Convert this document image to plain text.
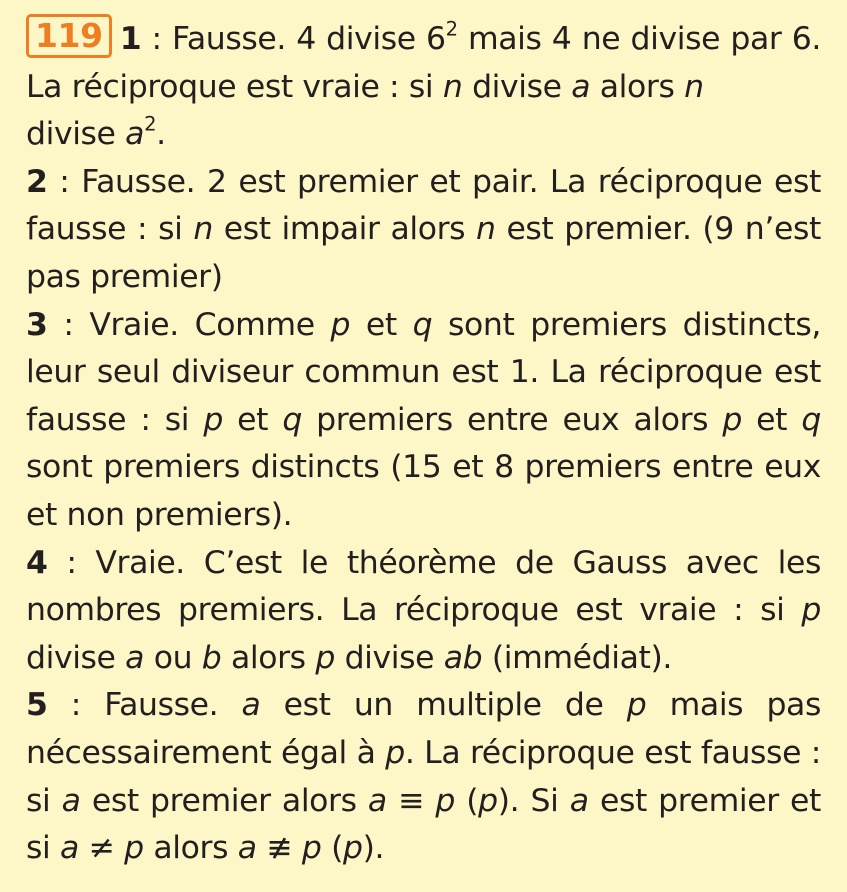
119 1 : Fausse. 4 divise $6^2$ mais 4 ne divise par 6. La réciproque est vraie : si n divise a alors n
divise $a^2$.

2 : Fausse. 2 est premier et pair. La réciproque est fausse : si n est impair alors n est premier. (9 n’est pas premier)

3 : Vraie. Comme p et q sont premiers distincts, leur seul diviseur commun est 1. La réciproque est fausse : si p et q premiers entre eux alors p et q sont premiers distincts (15 et 8 premiers entre eux et non premiers).

4 : Vraie. C’est le théorème de Gauss avec les nombres premiers. La réciproque est vraie : si p divise a ou b alors p divise ab (immédiat).

5 : Fausse. a est un multiple de p mais pas nécessairement égal à p. La réciproque est fausse : si a est premier alors a ≡ p (p). Si a est premier et si a ≠ p alors a ≢ p (p).
